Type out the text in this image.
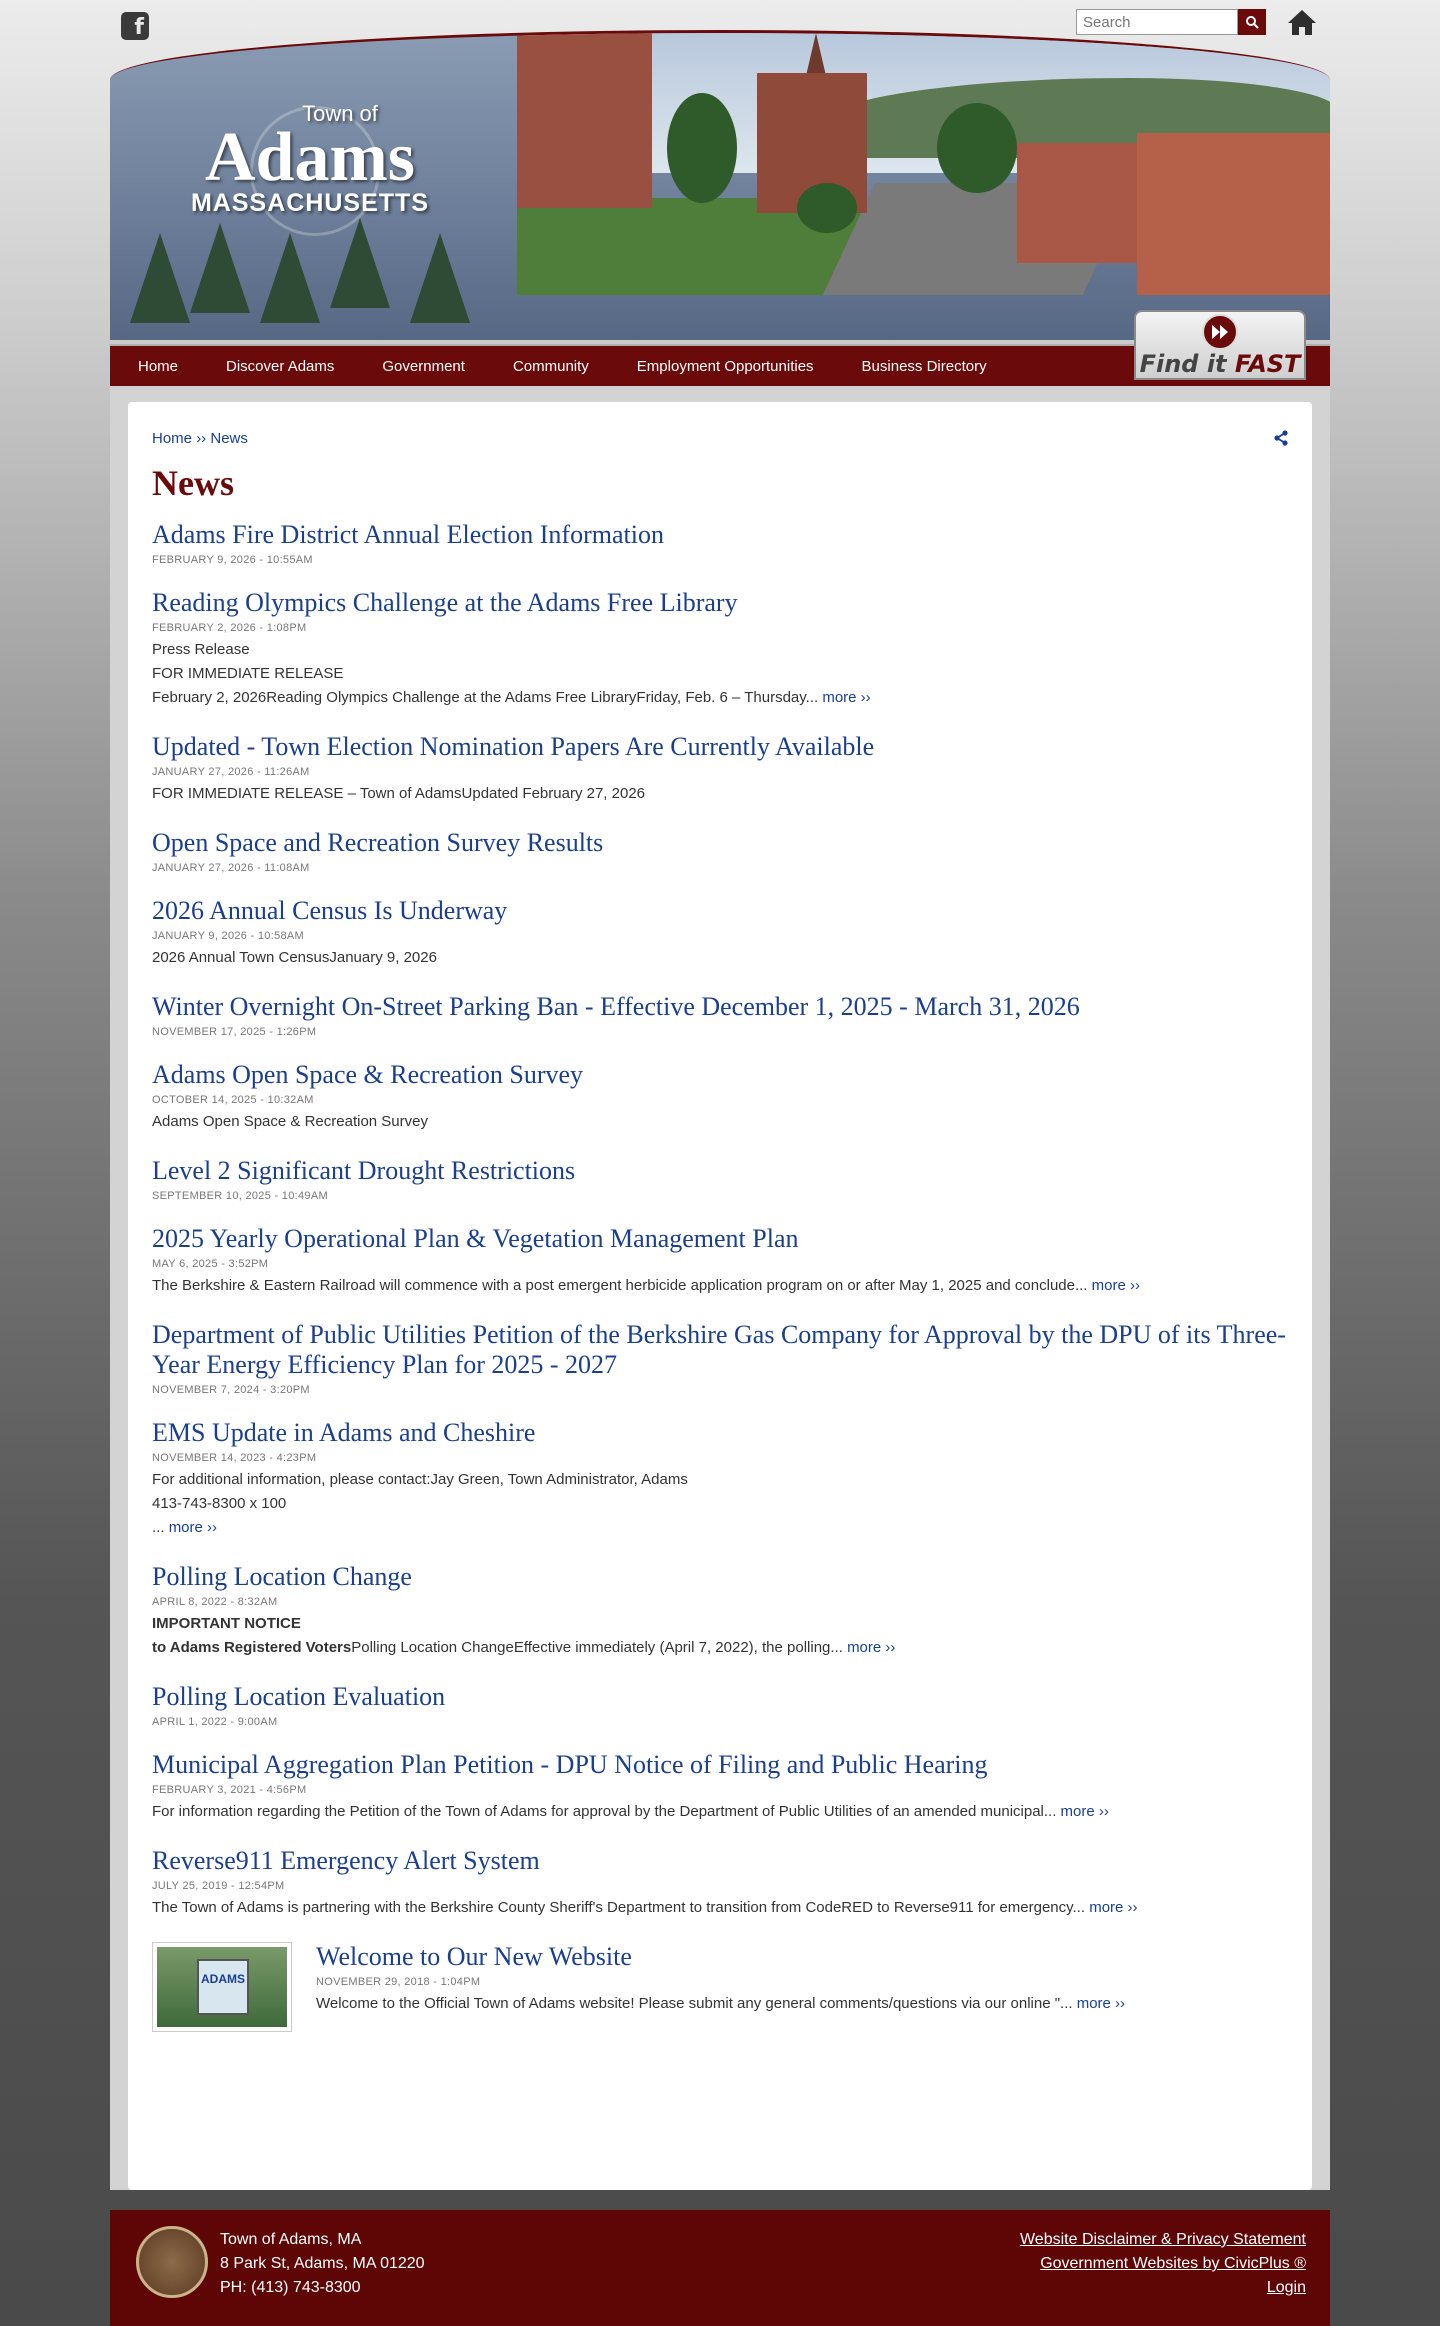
f
Search
Town of
Adams
MASSACHUSETTS
Home	Discover Adams	Government	Community	Employment Opportunities	Business Directory	Find it FAST
Home ›› News
News
Adams Fire District Annual Election Information
FEBRUARY 9, 2026 - 10:55AM
Reading Olympics Challenge at the Adams Free Library
FEBRUARY 2, 2026 - 1:08PM
Press Release
FOR IMMEDIATE RELEASE
February 2, 2026Reading Olympics Challenge at the Adams Free LibraryFriday, Feb. 6 – Thursday... more ››
Updated - Town Election Nomination Papers Are Currently Available
JANUARY 27, 2026 - 11:26AM
FOR IMMEDIATE RELEASE – Town of AdamsUpdated February 27, 2026
Open Space and Recreation Survey Results
JANUARY 27, 2026 - 11:08AM
2026 Annual Census Is Underway
JANUARY 9, 2026 - 10:58AM
2026 Annual Town CensusJanuary 9, 2026
Winter Overnight On-Street Parking Ban - Effective December 1, 2025 - March 31, 2026
NOVEMBER 17, 2025 - 1:26PM
Adams Open Space & Recreation Survey
OCTOBER 14, 2025 - 10:32AM
Adams Open Space & Recreation Survey
Level 2 Significant Drought Restrictions
SEPTEMBER 10, 2025 - 10:49AM
2025 Yearly Operational Plan & Vegetation Management Plan
MAY 6, 2025 - 3:52PM
The Berkshire & Eastern Railroad will commence with a post emergent herbicide application program on or after May 1, 2025 and conclude... more ››
Department of Public Utilities Petition of the Berkshire Gas Company for Approval by the DPU of its Three-Year Energy Efficiency Plan for 2025 - 2027
NOVEMBER 7, 2024 - 3:20PM
EMS Update in Adams and Cheshire
NOVEMBER 14, 2023 - 4:23PM
For additional information, please contact:Jay Green, Town Administrator, Adams
413-743-8300 x 100
... more ››
Polling Location Change
APRIL 8, 2022 - 8:32AM
IMPORTANT NOTICE
to Adams Registered VotersPolling Location ChangeEffective immediately (April 7, 2022), the polling... more ››
Polling Location Evaluation
APRIL 1, 2022 - 9:00AM
Municipal Aggregation Plan Petition - DPU Notice of Filing and Public Hearing
FEBRUARY 3, 2021 - 4:56PM
For information regarding the Petition of the Town of Adams for approval by the Department of Public Utilities of an amended municipal... more ››
Reverse911 Emergency Alert System
JULY 25, 2019 - 12:54PM
The Town of Adams is partnering with the Berkshire County Sheriff's Department to transition from CodeRED to Reverse911 for emergency... more ››
ADAMS
Welcome to Our New Website
NOVEMBER 29, 2018 - 1:04PM
Welcome to the Official Town of Adams website! Please submit any general comments/questions via our online "... more ››
Town of Adams, MA
8 Park St, Adams, MA 01220
PH: (413) 743-8300
Website Disclaimer & Privacy Statement
Government Websites by CivicPlus ®
Login
